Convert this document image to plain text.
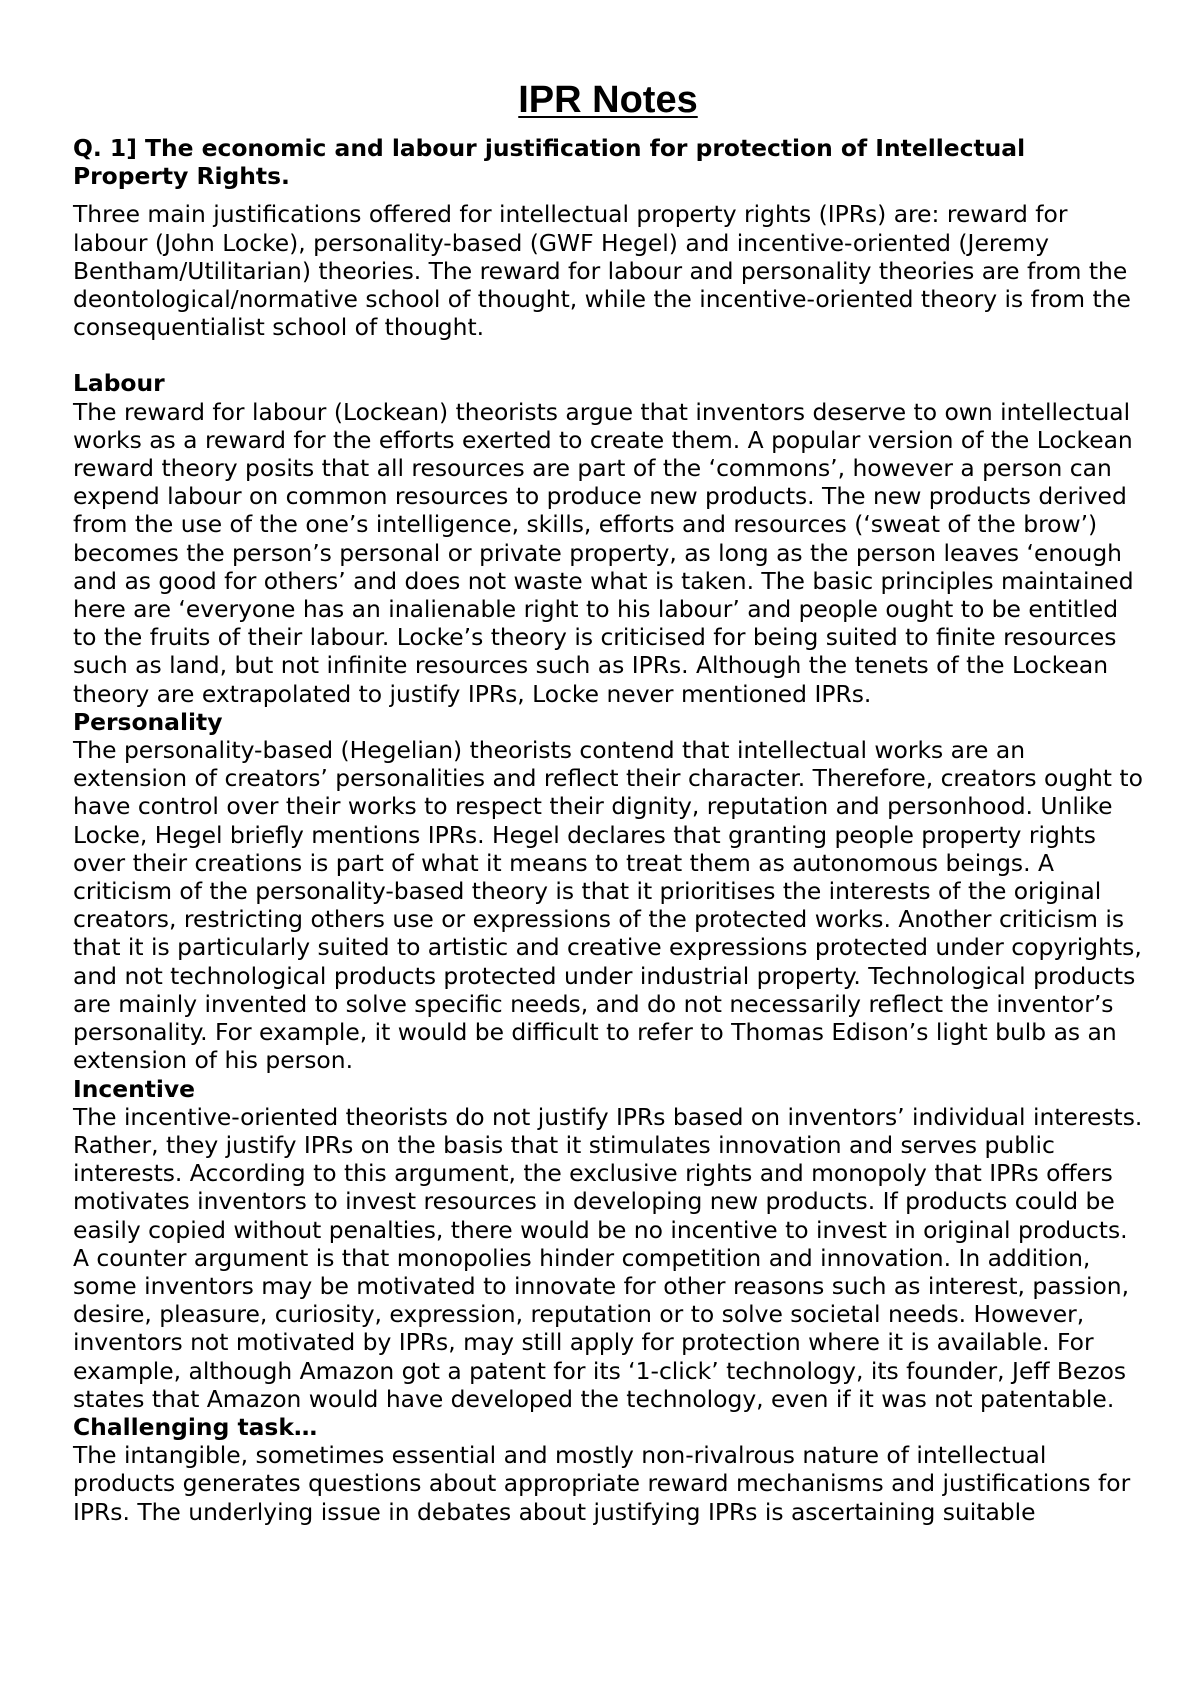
IPR Notes

Q. 1] The economic and labour justification for protection of Intellectual Property Rights.

Three main justifications offered for intellectual property rights (IPRs) are: reward for labour (John Locke), personality-based (GWF Hegel) and incentive-oriented (Jeremy Bentham/Utilitarian) theories. The reward for labour and personality theories are from the deontological/normative school of thought, while the incentive-oriented theory is from the consequentialist school of thought.

Labour

The reward for labour (Lockean) theorists argue that inventors deserve to own intellectual works as a reward for the efforts exerted to create them. A popular version of the Lockean reward theory posits that all resources are part of the ‘commons’, however a person can expend labour on common resources to produce new products. The new products derived from the use of the one’s intelligence, skills, efforts and resources (‘sweat of the brow’) becomes the person’s personal or private property, as long as the person leaves ‘enough and as good for others’ and does not waste what is taken. The basic principles maintained here are ‘everyone has an inalienable right to his labour’ and people ought to be entitled to the fruits of their labour. Locke’s theory is criticised for being suited to finite resources such as land, but not infinite resources such as IPRs. Although the tenets of the Lockean theory are extrapolated to justify IPRs, Locke never mentioned IPRs.

Personality

The personality-based (Hegelian) theorists contend that intellectual works are an extension of creators’ personalities and reflect their character. Therefore, creators ought to have control over their works to respect their dignity, reputation and personhood. Unlike Locke, Hegel briefly mentions IPRs. Hegel declares that granting people property rights over their creations is part of what it means to treat them as autonomous beings. A criticism of the personality-based theory is that it prioritises the interests of the original creators, restricting others use or expressions of the protected works. Another criticism is that it is particularly suited to artistic and creative expressions protected under copyrights, and not technological products protected under industrial property. Technological products are mainly invented to solve specific needs, and do not necessarily reflect the inventor’s personality. For example, it would be difficult to refer to Thomas Edison’s light bulb as an extension of his person.

Incentive

The incentive-oriented theorists do not justify IPRs based on inventors’ individual interests. Rather, they justify IPRs on the basis that it stimulates innovation and serves public interests. According to this argument, the exclusive rights and monopoly that IPRs offers motivates inventors to invest resources in developing new products. If products could be easily copied without penalties, there would be no incentive to invest in original products. A counter argument is that monopolies hinder competition and innovation. In addition, some inventors may be motivated to innovate for other reasons such as interest, passion, desire, pleasure, curiosity, expression, reputation or to solve societal needs. However, inventors not motivated by IPRs, may still apply for protection where it is available. For example, although Amazon got a patent for its ‘1-click’ technology, its founder, Jeff Bezos states that Amazon would have developed the technology, even if it was not patentable.

Challenging task…

The intangible, sometimes essential and mostly non-rivalrous nature of intellectual products generates questions about appropriate reward mechanisms and justifications for IPRs. The underlying issue in debates about justifying IPRs is ascertaining suitable
